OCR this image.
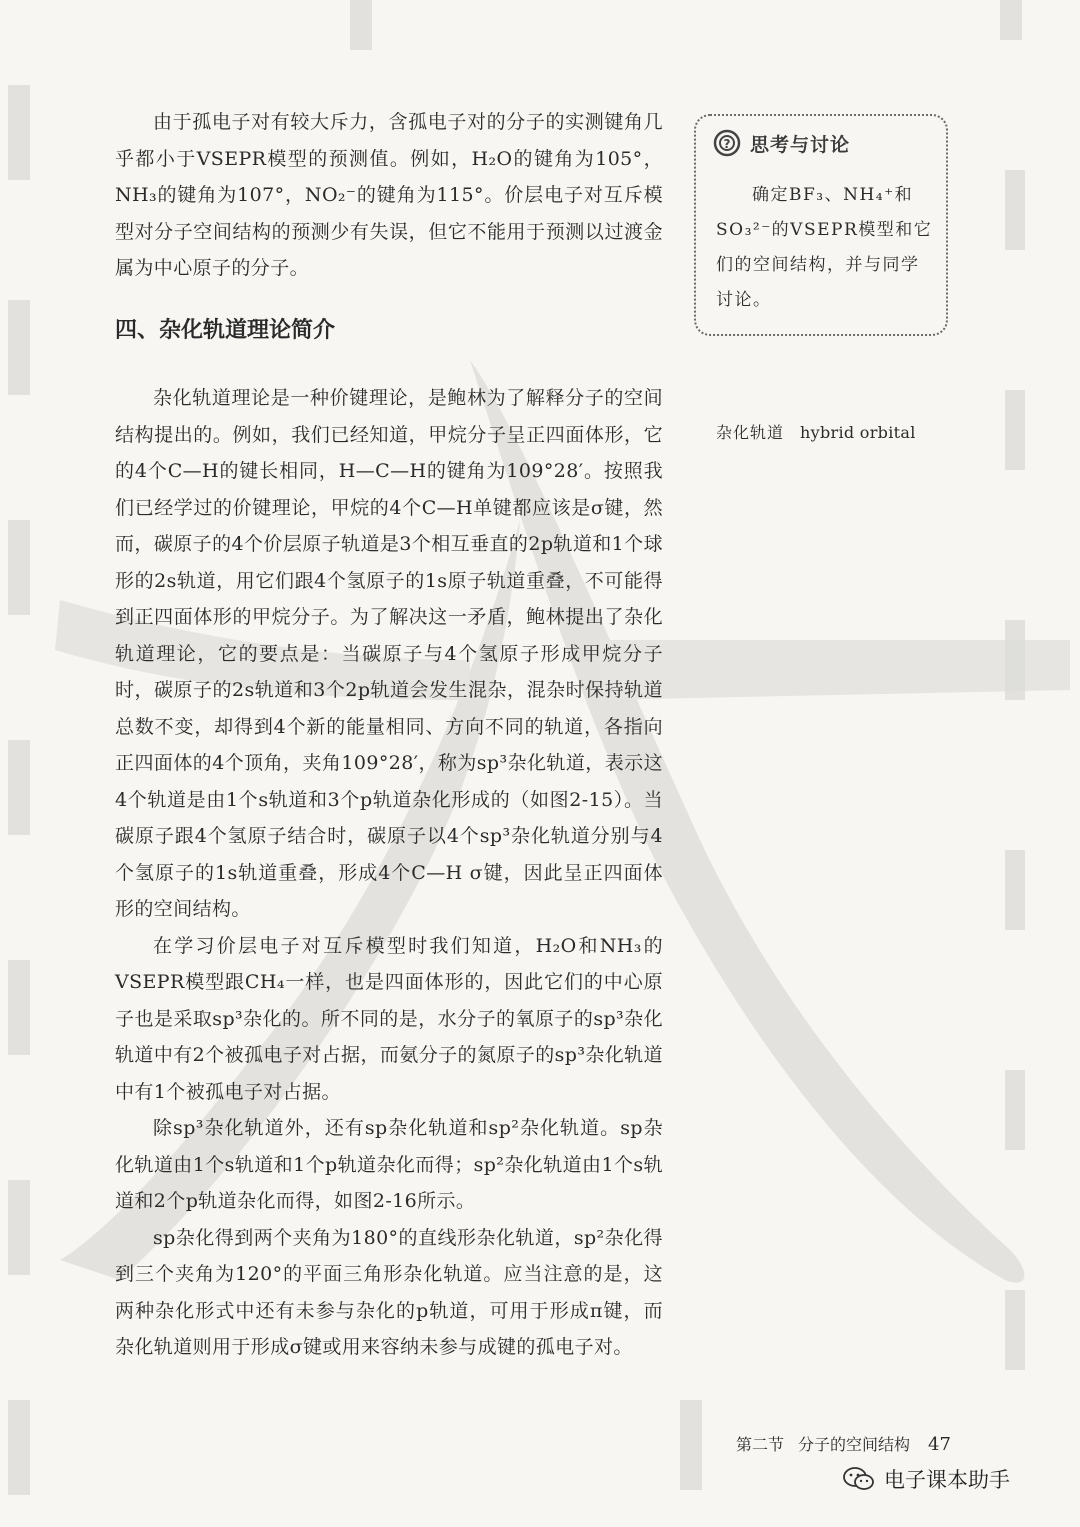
由于孤电子对有较大斥力，含孤电子对的分子的实测键角几乎都小于VSEPR模型的预测值。例如，H₂O的键角为105°，NH₃的键角为107°，NO₂⁻的键角为115°。价层电子对互斥模型对分子空间结构的预测少有失误，但它不能用于预测以过渡金属为中心原子的分子。

四、杂化轨道理论简介

杂化轨道理论是一种价键理论，是鲍林为了解释分子的空间结构提出的。例如，我们已经知道，甲烷分子呈正四面体形，它的4个C—H的键长相同，H—C—H的键角为109°28′。按照我们已经学过的价键理论，甲烷的4个C—H单键都应该是σ键，然而，碳原子的4个价层原子轨道是3个相互垂直的2p轨道和1个球形的2s轨道，用它们跟4个氢原子的1s原子轨道重叠，不可能得到正四面体形的甲烷分子。为了解决这一矛盾，鲍林提出了杂化轨道理论，它的要点是：当碳原子与4个氢原子形成甲烷分子时，碳原子的2s轨道和3个2p轨道会发生混杂，混杂时保持轨道总数不变，却得到4个新的能量相同、方向不同的轨道，各指向正四面体的4个顶角，夹角109°28′，称为sp³杂化轨道，表示这4个轨道是由1个s轨道和3个p轨道杂化形成的（如图2-15）。当碳原子跟4个氢原子结合时，碳原子以4个sp³杂化轨道分别与4个氢原子的1s轨道重叠，形成4个C—H σ键，因此呈正四面体形的空间结构。

在学习价层电子对互斥模型时我们知道，H₂O和NH₃的VSEPR模型跟CH₄一样，也是四面体形的，因此它们的中心原子也是采取sp³杂化的。所不同的是，水分子的氧原子的sp³杂化轨道中有2个被孤电子对占据，而氨分子的氮原子的sp³杂化轨道中有1个被孤电子对占据。

除sp³杂化轨道外，还有sp杂化轨道和sp²杂化轨道。sp杂化轨道由1个s轨道和1个p轨道杂化而得；sp²杂化轨道由1个s轨道和2个p轨道杂化而得，如图2-16所示。

sp杂化得到两个夹角为180°的直线形杂化轨道，sp²杂化得到三个夹角为120°的平面三角形杂化轨道。应当注意的是，这两种杂化形式中还有未参与杂化的p轨道，可用于形成π键，而杂化轨道则用于形成σ键或用来容纳未参与成键的孤电子对。

? 思考与讨论

确定BF₃、NH₄⁺和SO₃²⁻的VSEPR模型和它们的空间结构，并与同学讨论。

杂化轨道 hybrid orbital
第二节 分子的空间结构 47
电子课本助手
